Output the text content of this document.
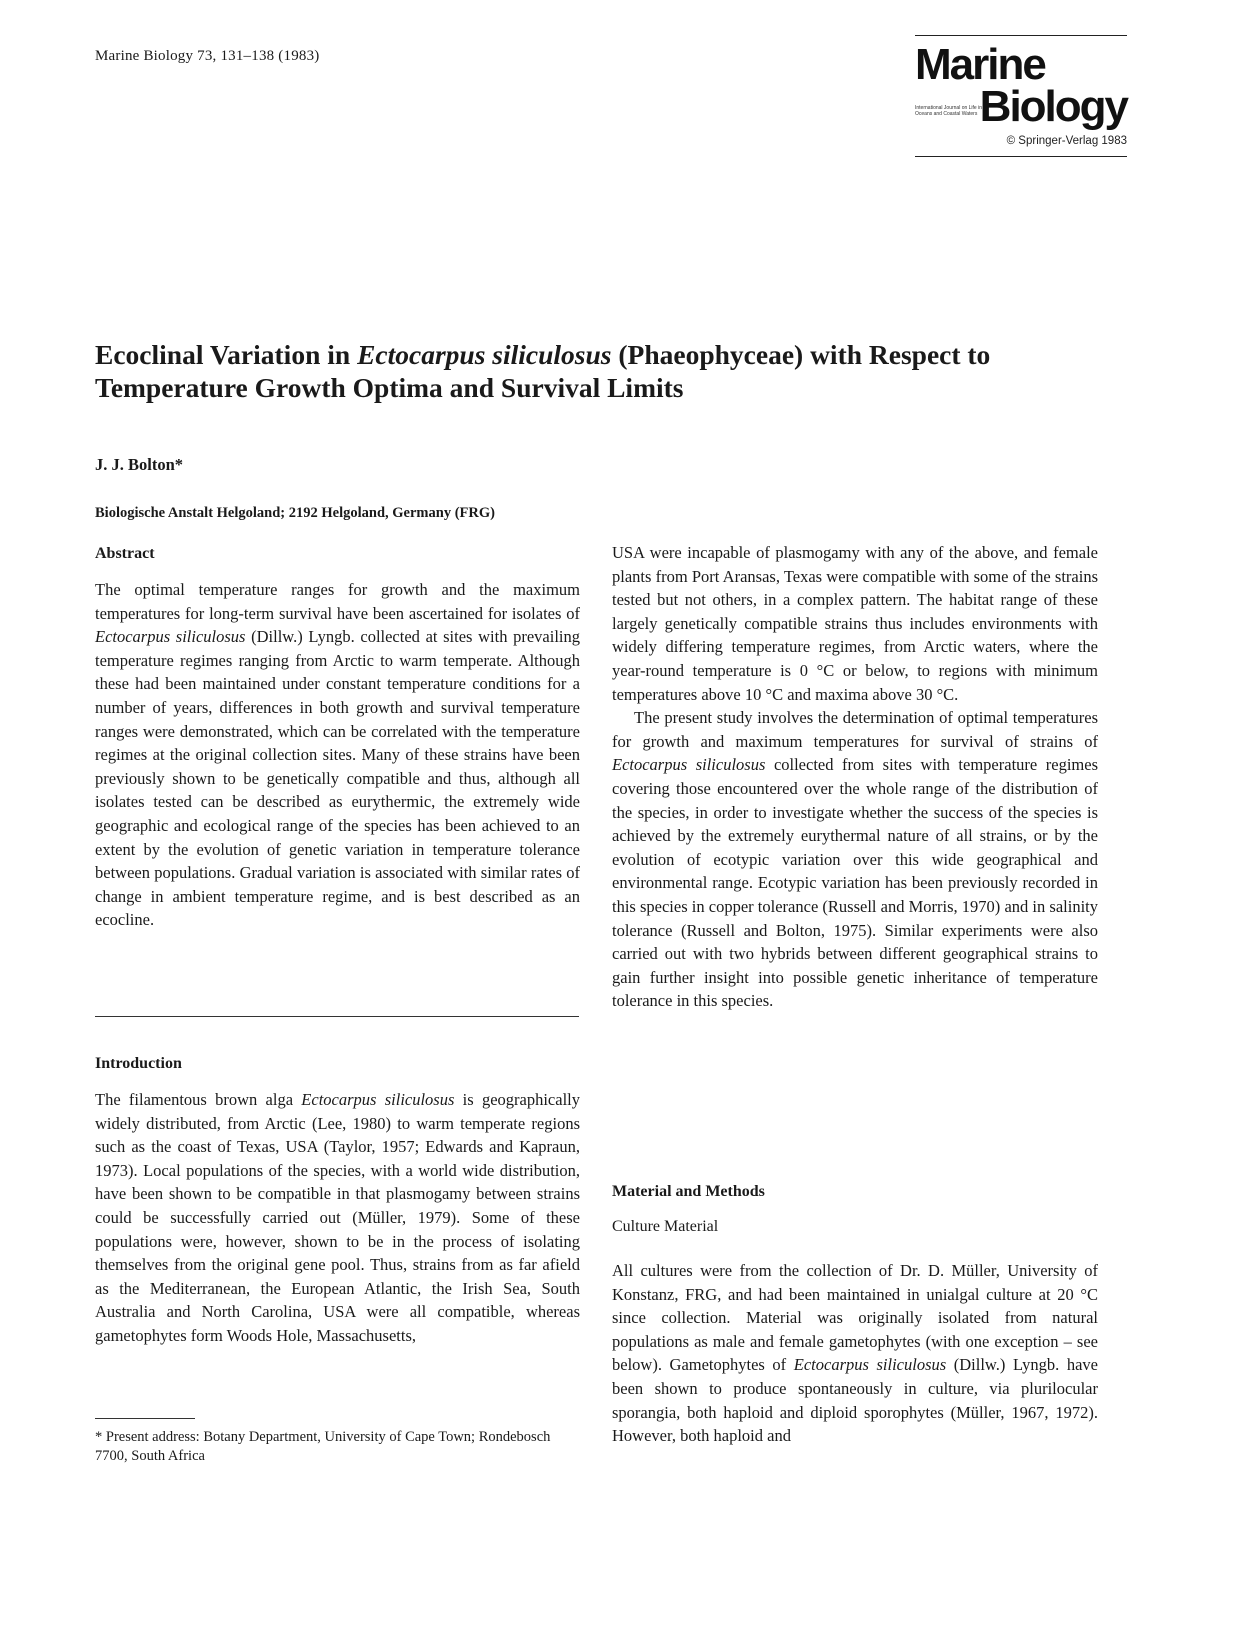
Marine Biology 73, 131–138 (1983)	Marine
International Journal on Life in Oceans and Coastal Waters Biology
© Springer-Verlag 1983
Ecoclinal Variation in Ectocarpus siliculosus (Phaeophyceae) with Respect to Temperature Growth Optima and Survival Limits
J. J. Bolton*
Biologische Anstalt Helgoland; 2192 Helgoland, Germany (FRG)
Abstract
The optimal temperature ranges for growth and the maximum temperatures for long-term survival have been ascertained for isolates of Ectocarpus siliculosus (Dillw.) Lyngb. collected at sites with prevailing temperature regimes ranging from Arctic to warm temperate. Although these had been maintained under constant temperature conditions for a number of years, differences in both growth and survival temperature ranges were demonstrated, which can be correlated with the temperature regimes at the original collection sites. Many of these strains have been previously shown to be genetically compatible and thus, although all isolates tested can be described as eurythermic, the extremely wide geographic and ecological range of the species has been achieved to an extent by the evolution of genetic variation in temperature tolerance between populations. Gradual variation is associated with similar rates of change in ambient temperature regime, and is best described as an ecocline.
Introduction
The filamentous brown alga Ectocarpus siliculosus is geographically widely distributed, from Arctic (Lee, 1980) to warm temperate regions such as the coast of Texas, USA (Taylor, 1957; Edwards and Kapraun, 1973). Local populations of the species, with a world wide distribution, have been shown to be compatible in that plasmogamy between strains could be successfully carried out (Müller, 1979). Some of these populations were, however, shown to be in the process of isolating themselves from the original gene pool. Thus, strains from as far afield as the Mediterranean, the European Atlantic, the Irish Sea, South Australia and North Carolina, USA were all compatible, whereas gametophytes form Woods Hole, Massachusetts,
* Present address: Botany Department, University of Cape Town; Rondebosch 7700, South Africa
USA were incapable of plasmogamy with any of the above, and female plants from Port Aransas, Texas were compatible with some of the strains tested but not others, in a complex pattern. The habitat range of these largely genetically compatible strains thus includes environments with widely differing temperature regimes, from Arctic waters, where the year-round temperature is 0 °C or below, to regions with minimum temperatures above 10 °C and maxima above 30 °C.
The present study involves the determination of optimal temperatures for growth and maximum temperatures for survival of strains of Ectocarpus siliculosus collected from sites with temperature regimes covering those encountered over the whole range of the distribution of the species, in order to investigate whether the success of the species is achieved by the extremely eurythermal nature of all strains, or by the evolution of ecotypic variation over this wide geographical and environmental range. Ecotypic variation has been previously recorded in this species in copper tolerance (Russell and Morris, 1970) and in salinity tolerance (Russell and Bolton, 1975). Similar experiments were also carried out with two hybrids between different geographical strains to gain further insight into possible genetic inheritance of temperature tolerance in this species.
Material and Methods
Culture Material
All cultures were from the collection of Dr. D. Müller, University of Konstanz, FRG, and had been maintained in unialgal culture at 20 °C since collection. Material was originally isolated from natural populations as male and female gametophytes (with one exception – see below). Gametophytes of Ectocarpus siliculosus (Dillw.) Lyngb. have been shown to produce spontaneously in culture, via plurilocular sporangia, both haploid and diploid sporophytes (Müller, 1967, 1972). However, both haploid and
